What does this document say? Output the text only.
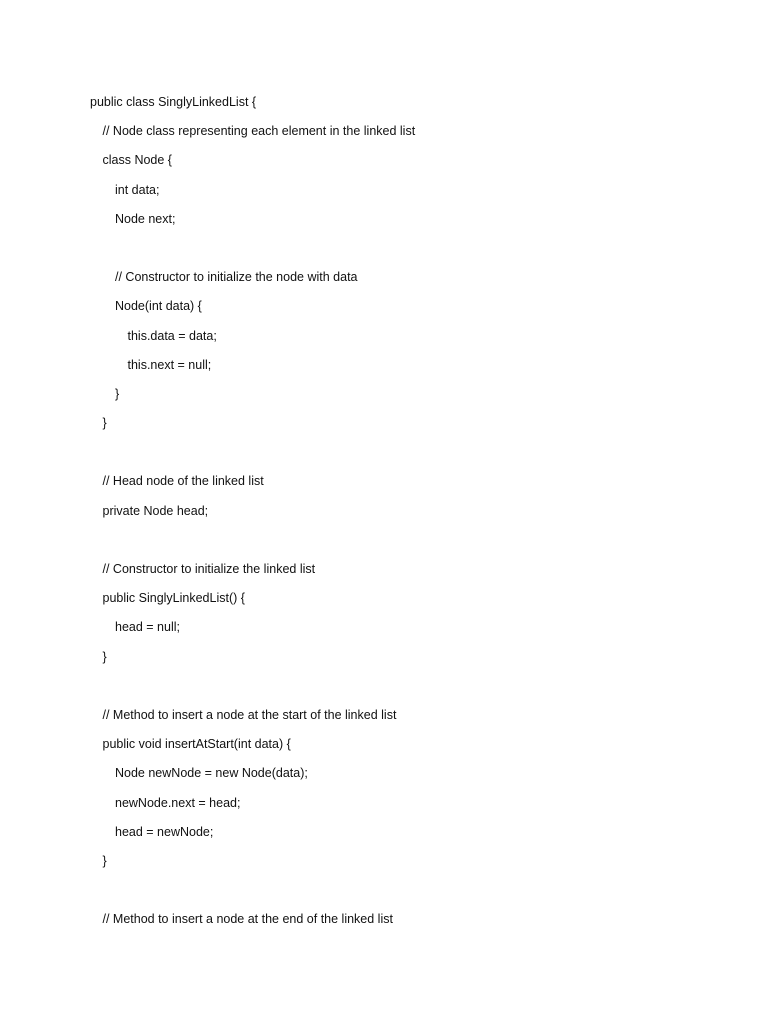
public class SinglyLinkedList {
// Node class representing each element in the linked list
class Node {
int data;
Node next;
// Constructor to initialize the node with data
Node(int data) {
this.data = data;
this.next = null;
}
}
// Head node of the linked list
private Node head;
// Constructor to initialize the linked list
public SinglyLinkedList() {
head = null;
}
// Method to insert a node at the start of the linked list
public void insertAtStart(int data) {
Node newNode = new Node(data);
newNode.next = head;
head = newNode;
}
// Method to insert a node at the end of the linked list
